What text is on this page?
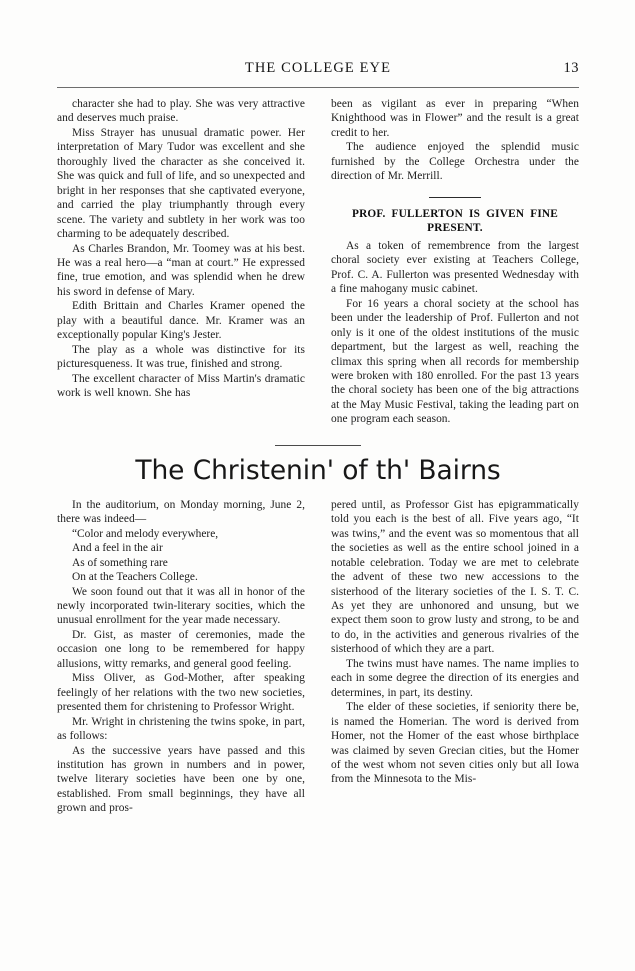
THE COLLEGE EYE	13

character she had to play. She was very attractive and deserves much praise.

Miss Strayer has unusual dramatic power. Her interpretation of Mary Tudor was excellent and she thoroughly lived the character as she conceived it. She was quick and full of life, and so unexpected and bright in her responses that she captivated everyone, and carried the play triumphantly through every scene. The variety and subtlety in her work was too charming to be adequately described.

As Charles Brandon, Mr. Toomey was at his best. He was a real hero—a “man at court.” He expressed fine, true emotion, and was splendid when he drew his sword in defense of Mary.

Edith Brittain and Charles Kramer opened the play with a beautiful dance. Mr. Kramer was an exceptionally popular King's Jester.

The play as a whole was distinctive for its picturesqueness. It was true, finished and strong.

The excellent character of Miss Martin's dramatic work is well known. She has

been as vigilant as ever in preparing “When Knighthood was in Flower” and the result is a great credit to her.

The audience enjoyed the splendid music furnished by the College Orchestra under the direction of Mr. Merrill.

PROF. FULLERTON IS GIVEN FINE
PRESENT.

As a token of remembrence from the largest choral society ever existing at Teachers College, Prof. C. A. Fullerton was presented Wednesday with a fine mahogany music cabinet.

For 16 years a choral society at the school has been under the leadership of Prof. Fullerton and not only is it one of the oldest institutions of the music department, but the largest as well, reaching the climax this spring when all records for membership were broken with 180 enrolled. For the past 13 years the choral society has been one of the big attractions at the May Music Festival, taking the leading part on one program each season.

The Christenin' of th' Bairns

In the auditorium, on Monday morning, June 2, there was indeed—

“Color and melody everywhere,
And a feel in the air
As of something rare
On at the Teachers College.

We soon found out that it was all in honor of the newly incorporated twin-literary socities, which the unusual enrollment for the year made necessary.

Dr. Gist, as master of ceremonies, made the occasion one long to be remembered for happy allusions, witty remarks, and general good feeling.

Miss Oliver, as God-Mother, after speaking feelingly of her relations with the two new societies, presented them for christening to Professor Wright.

Mr. Wright in christening the twins spoke, in part, as follows:

As the successive years have passed and this institution has grown in numbers and in power, twelve literary societies have been one by one, established. From small beginnings, they have all grown and pros-

pered until, as Professor Gist has epigrammatically told you each is the best of all. Five years ago, “It was twins,” and the event was so momentous that all the societies as well as the entire school joined in a notable celebration. Today we are met to celebrate the advent of these two new accessions to the sisterhood of the literary societies of the I. S. T. C. As yet they are unhonored and unsung, but we expect them soon to grow lusty and strong, to be and to do, in the activities and generous rivalries of the sisterhood of which they are a part.

The twins must have names. The name implies to each in some degree the direction of its energies and determines, in part, its destiny.

The elder of these societies, if seniority there be, is named the Homerian. The word is derived from Homer, not the Homer of the east whose birthplace was claimed by seven Grecian cities, but the Homer of the west whom not seven cities only but all Iowa from the Minnesota to the Mis-
